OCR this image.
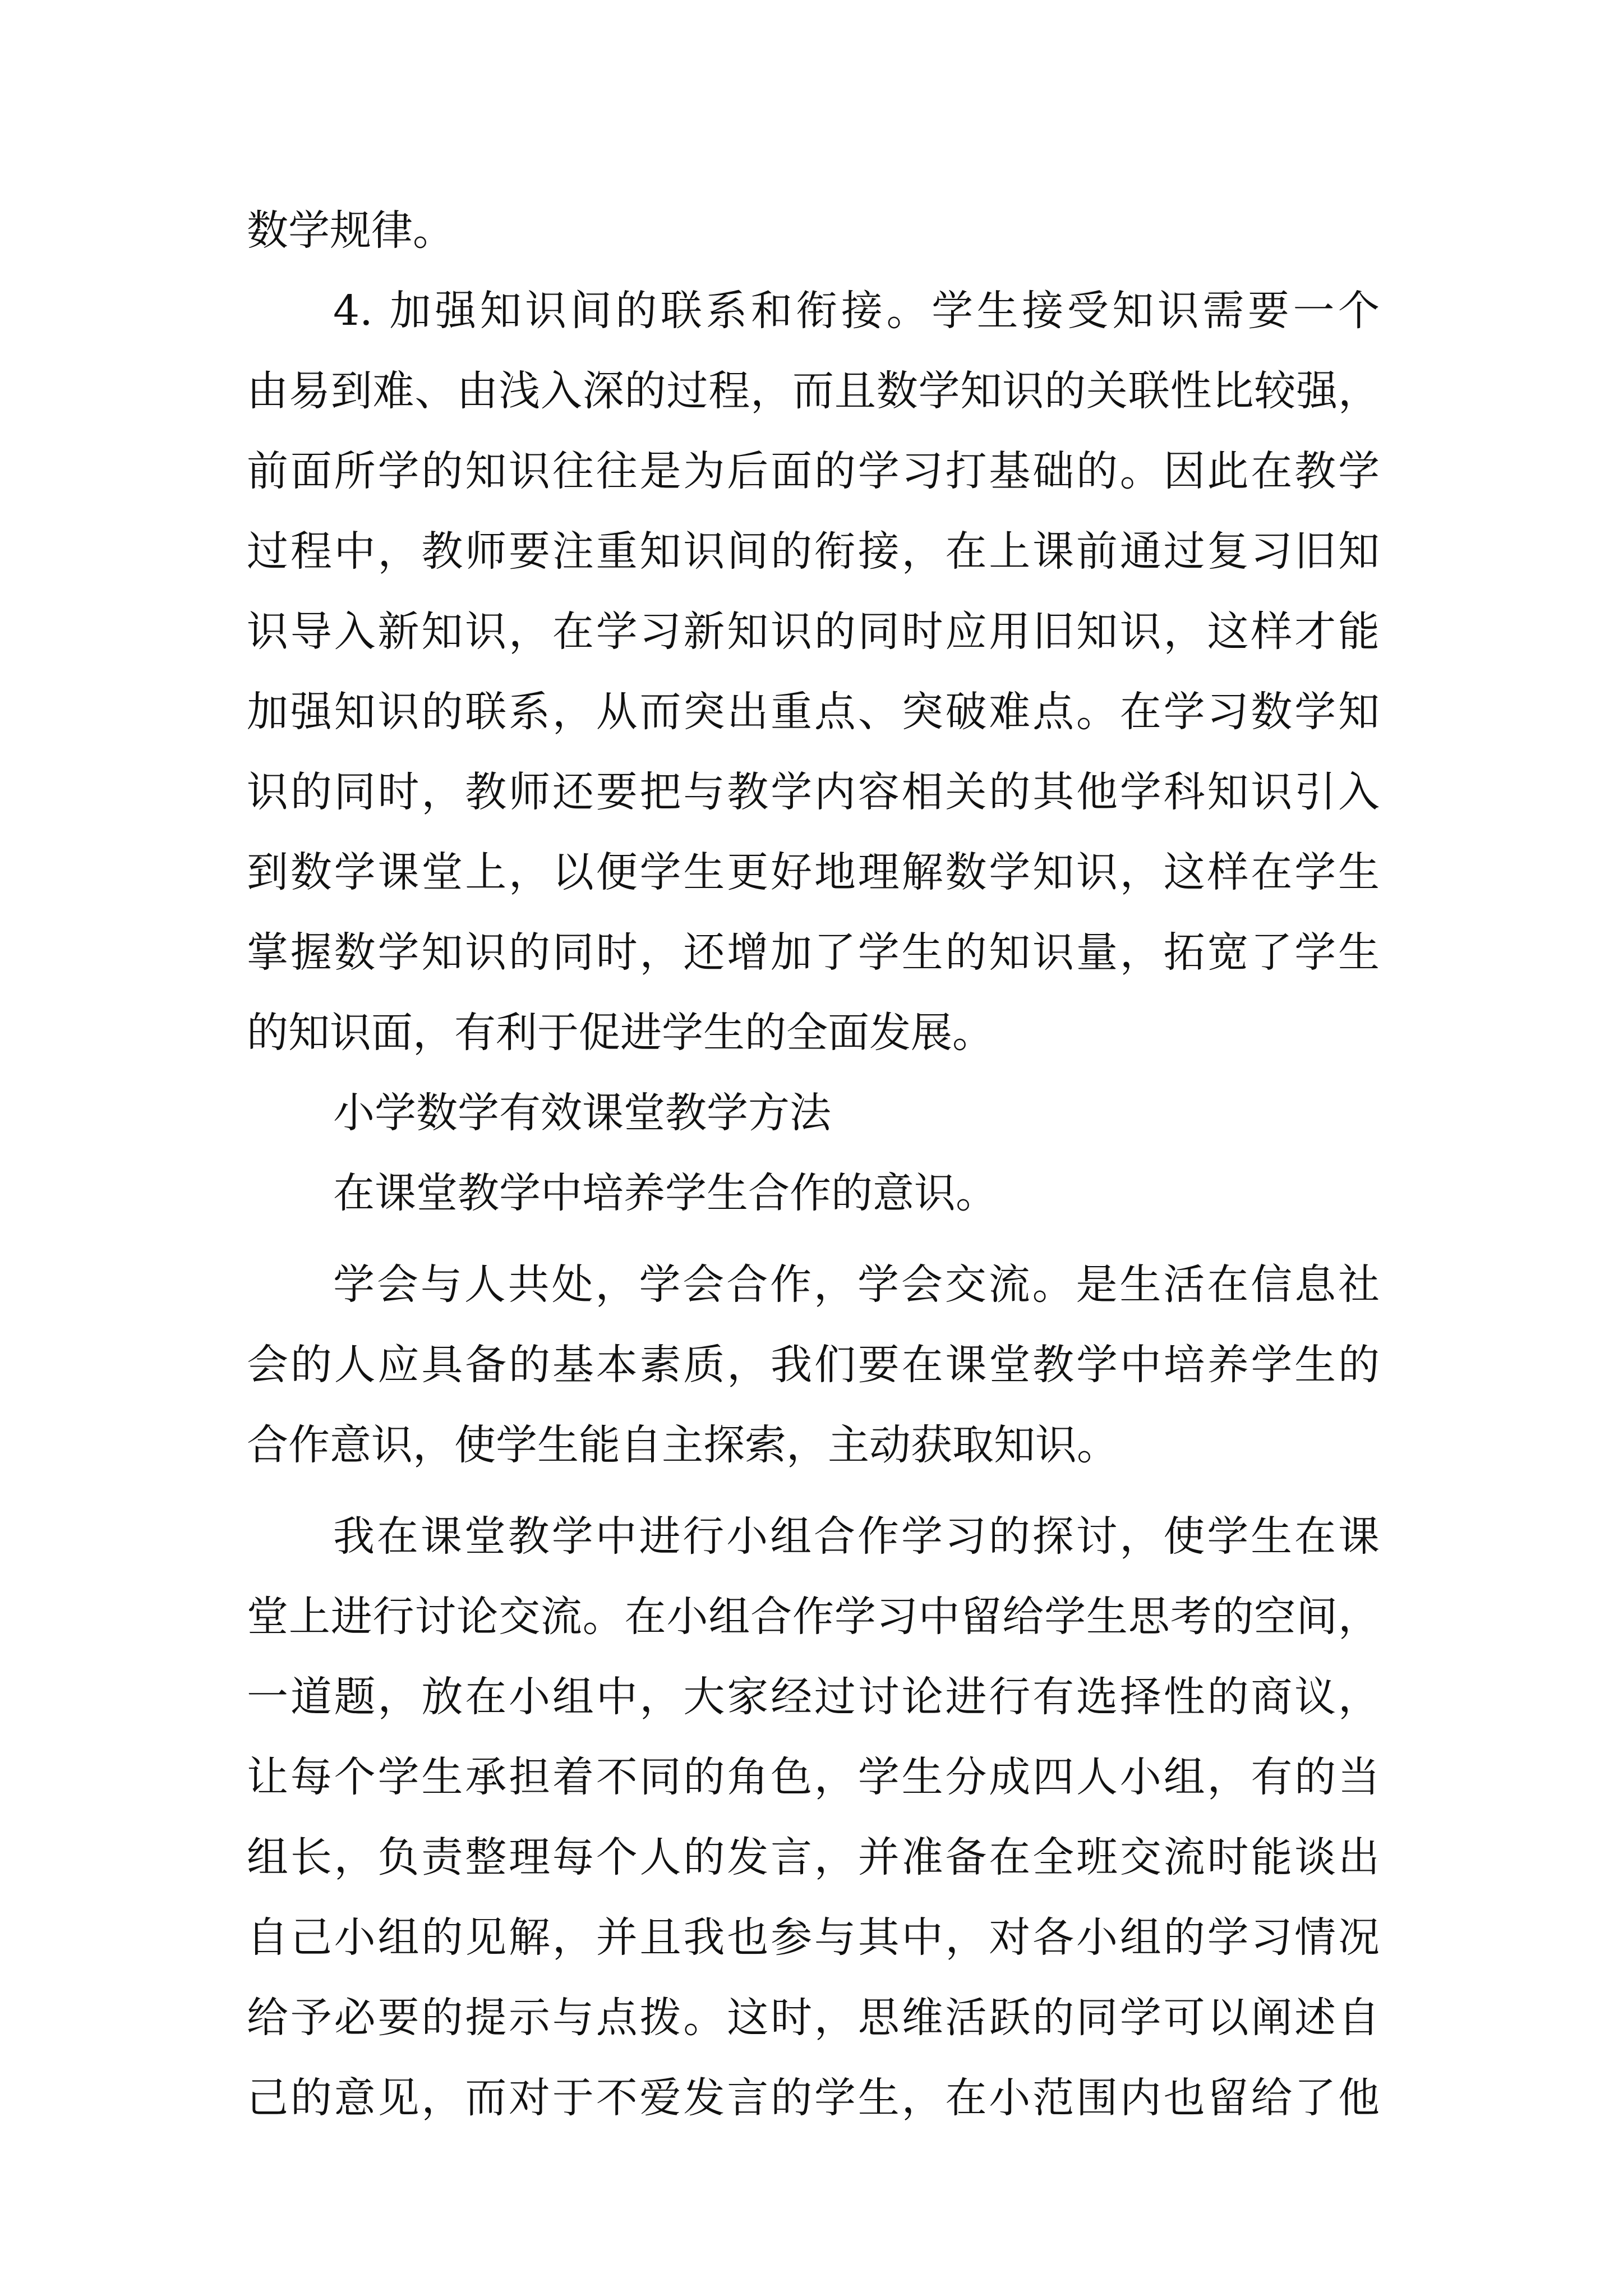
数学规律。
4. 加强知识间的联系和衔接。学生接受知识需要一个
由易到难、由浅入深的过程，而且数学知识的关联性比较强，
前面所学的知识往往是为后面的学习打基础的。因此在教学
过程中，教师要注重知识间的衔接，在上课前通过复习旧知
识导入新知识，在学习新知识的同时应用旧知识，这样才能
加强知识的联系，从而突出重点、突破难点。在学习数学知
识的同时，教师还要把与教学内容相关的其他学科知识引入
到数学课堂上，以便学生更好地理解数学知识，这样在学生
掌握数学知识的同时，还增加了学生的知识量，拓宽了学生
的知识面，有利于促进学生的全面发展。
小学数学有效课堂教学方法
在课堂教学中培养学生合作的意识。
学会与人共处，学会合作，学会交流。是生活在信息社
会的人应具备的基本素质，我们要在课堂教学中培养学生的
合作意识，使学生能自主探索，主动获取知识。
我在课堂教学中进行小组合作学习的探讨，使学生在课
堂上进行讨论交流。在小组合作学习中留给学生思考的空间，
一道题，放在小组中，大家经过讨论进行有选择性的商议，
让每个学生承担着不同的角色，学生分成四人小组，有的当
组长，负责整理每个人的发言，并准备在全班交流时能谈出
自己小组的见解，并且我也参与其中，对各小组的学习情况
给予必要的提示与点拨。这时，思维活跃的同学可以阐述自
己的意见，而对于不爱发言的学生，在小范围内也留给了他
